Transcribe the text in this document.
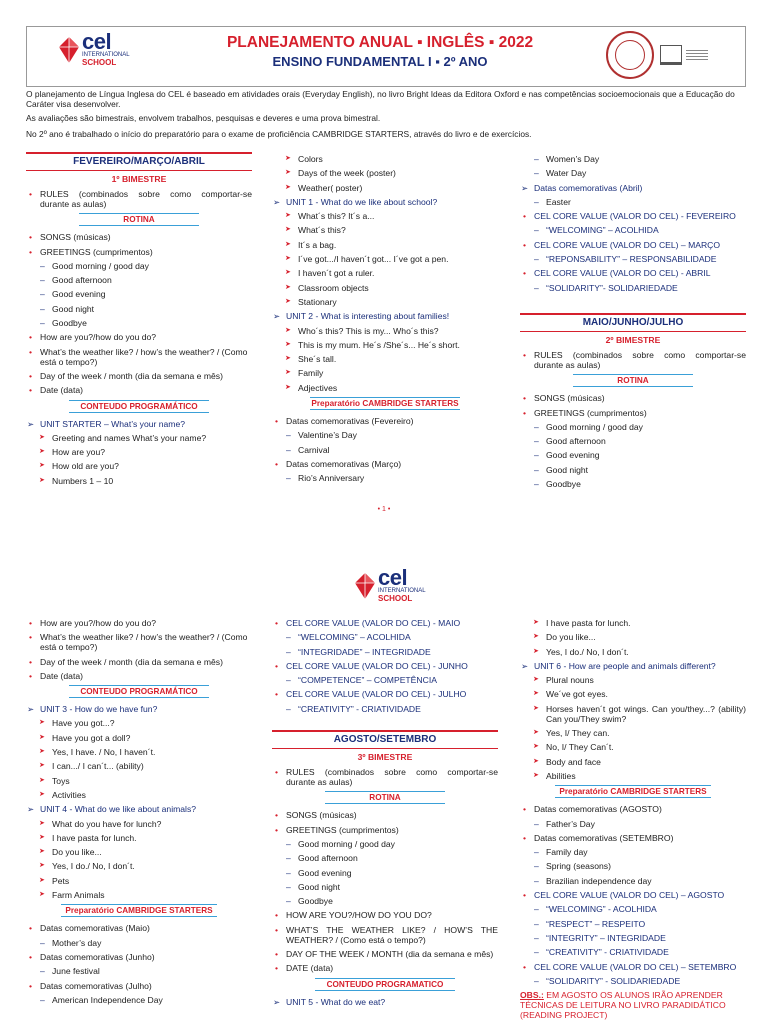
cel
INTERNATIONAL
SCHOOL
PLANEJAMENTO ANUAL ▪ INGLÊS ▪ 2022
ENSINO FUNDAMENTAL I ▪ 2º ANO
O planejamento de Língua Inglesa do CEL é baseado em atividades orais (Everyday English), no livro Bright Ideas da Editora Oxford e nas competências socioemocionais que a Educação do Caráter visa desenvolver.
As avaliações são bimestrais, envolvem trabalhos, pesquisas e deveres e uma prova bimestral.
No 2º ano é trabalhado o início do preparatório para o exame de proficiência CAMBRIDGE STARTERS, através do livro e de exercícios.
FEVEREIRO/MARÇO/ABRIL
1º BIMESTRE
• RULES (combinados sobre como comportar-se durante as aulas)
ROTINA
• SONGS (músicas)
• GREETINGS (cumprimentos)
– Good morning / good day
– Good afternoon
– Good evening
– Good night
– Goodbye
• How are you?/how do you do?
• What’s the weather like? / how’s the weather? / (Como está o tempo?)
• Day of the week / month (dia da semana e mês)
• Date (data)
CONTEUDO PROGRAMÁTICO
➢ UNIT STARTER – What’s your name?
➤ Greeting and names What’s your name?
➤ How are you?
➤ How old are you?
➤ Numbers 1 – 10
➤ Colors
➤ Days of the week (poster)
➤ Weather( poster)
➢ UNIT 1 - What do we like about school?
➤ What´s this? It´s a...
➤ What´s this?
➤ It´s a bag.
➤ I´ve got.../I haven´t got... I´ve got a pen.
➤ I haven´t got a ruler.
➤ Classroom objects
➤ Stationary
➢ UNIT 2 - What is interesting about families!
➤ Who´s this? This is my... Who´s this?
➤ This is my mum. He´s /She´s... He´s short.
➤ She´s tall.
➤ Family
➤ Adjectives
Preparatório CAMBRIDGE STARTERS
• Datas comemorativas (Fevereiro)
– Valentine’s Day
– Carnival
• Datas comemorativas (Março)
– Rio’s Anniversary
– Women’s Day
– Water Day
➢ Datas comemorativas (Abril)
– Easter
• CEL CORE VALUE (VALOR DO CEL) - FEVEREIRO
– “WELCOMING” – ACOLHIDA
• CEL CORE VALUE (VALOR DO CEL) – MARÇO
– “REPONSABILITY” – RESPONSABILIDADE
• CEL CORE VALUE (VALOR DO CEL) - ABRIL
– “SOLIDARITY”- SOLIDARIEDADE
MAIO/JUNHO/JULHO
2º BIMESTRE
• RULES (combinados sobre como comportar-se durante as aulas)
ROTINA
• SONGS (músicas)
• GREETINGS (cumprimentos)
– Good morning / good day
– Good afternoon
– Good evening
– Good night
– Goodbye
• 1 •
cel
INTERNATIONAL
SCHOOL
• How are you?/how do you do?
• What’s the weather like? / how’s the weather? / (Como está o tempo?)
• Day of the week / month (dia da semana e mês)
• Date (data)
CONTEUDO PROGRAMÁTICO
➢ UNIT 3 - How do we have fun?
➤ Have you got...?
➤ Have you got a doll?
➤ Yes, I have. / No, I haven´t.
➤ I can.../ I can´t... (ability)
➤ Toys
➤ Activities
➢ UNIT 4 - What do we like about animals?
➤ What do you have for lunch?
➤ I have pasta for lunch.
➤ Do you like...
➤ Yes, I do./ No, I don´t.
➤ Pets
➤ Farm Animals
Preparatório CAMBRIDGE STARTERS
• Datas comemorativas (Maio)
– Mother’s day
• Datas comemorativas (Junho)
– June festival
• Datas comemorativas (Julho)
– American Independence Day
• CEL CORE VALUE (VALOR DO CEL) - MAIO
– “WELCOMING” – ACOLHIDA
– “INTEGRIDADE” – INTEGRIDADE
• CEL CORE VALUE (VALOR DO CEL) - JUNHO
– “COMPETENCE” – COMPETÊNCIA
• CEL CORE VALUE (VALOR DO CEL) - JULHO
– “CREATIVITY” - CRIATIVIDADE
AGOSTO/SETEMBRO
3º BIMESTRE
• RULES (combinados sobre como comportar-se durante as aulas)
ROTINA
• SONGS (músicas)
• GREETINGS (cumprimentos)
– Good morning / good day
– Good afternoon
– Good evening
– Good night
– Goodbye
• HOW ARE YOU?/HOW DO YOU DO?
• WHAT’S THE WEATHER LIKE? / HOW’S THE WEATHER? / (Como está o tempo?)
• DAY OF THE WEEK / MONTH (dia da semana e mês)
• DATE (data)
CONTEUDO PROGRAMATICO
➢ UNIT 5 - What do we eat?
➤ I have pasta for lunch.
➤ Do you like...
➤ Yes, I do./ No, I don´t.
➢ UNIT 6 - How are people and animals different?
➤ Plural nouns
➤ We´ve got eyes.
➤ Horses haven´t got wings. Can you/they...? (ability) Can you/They swim?
➤ Yes, I/ They can.
➤ No, I/ They Can´t.
➤ Body and face
➤ Abilities
Preparatório CAMBRIDGE STARTERS
• Datas comemorativas (AGOSTO)
– Father’s Day
• Datas comemorativas (SETEMBRO)
– Family day
– Spring (seasons)
– Brazilian independence day
• CEL CORE VALUE (VALOR DO CEL) – AGOSTO
– “WELCOMING” - ACOLHIDA
– “RESPECT” – RESPEITO
– “INTEGRITY” – INTEGRIDADE
– “CREATIVITY” - CRIATIVIDADE
• CEL CORE VALUE (VALOR DO CEL) – SETEMBRO
– “SOLIDARITY” - SOLIDARIEDADE
OBS.: EM AGOSTO OS ALUNOS IRÃO APRENDER TÉCNICAS DE LEITURA NO LIVRO PARADIDÁTICO (READING PROJECT)
